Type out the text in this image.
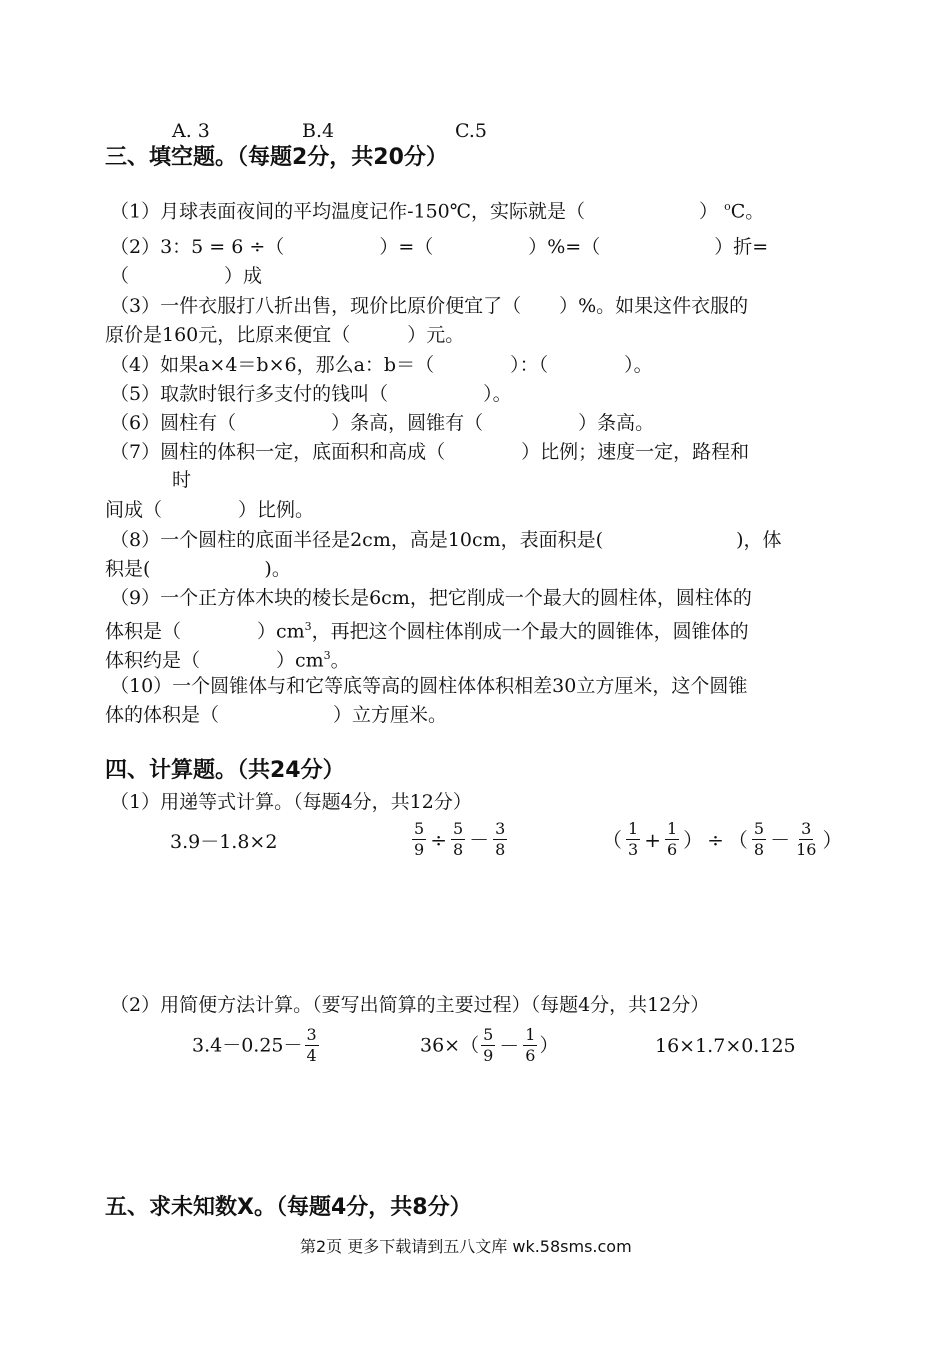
A. 3	B.4	C.5
三、填空题。（每题2分，共20分）
（1）月球表面夜间的平均温度记作-150℃，实际就是（　　　　　　） $^o$C。
（2）3：5 = 6 ÷（　　　　　）=（　　　　　）%=（　　　　　　）折=
（　　　　　）成
（3）一件衣服打八折出售，现价比原价便宜了（　　）%。如果这件衣服的
原价是160元，比原来便宜（　　　）元。
（4）如果a×4＝b×6，那么a：b＝（　　　　）：（　　　　）。
（5）取款时银行多支付的钱叫（　　　　　）。
（6）圆柱有（　　　　　）条高，圆锥有（　　　　　）条高。
（7）圆柱的体积一定，底面积和高成（　　　　）比例；速度一定，路程和
时
间成（　　　　）比例。
（8）一个圆柱的底面半径是2cm，高是10cm，表面积是(　　　　　　　)，体
积是(　　　　　　)。
（9）一个正方体木块的棱长是6cm，把它削成一个最大的圆柱体，圆柱体的
体积是（　　　　）$cm^3$，再把这个圆柱体削成一个最大的圆锥体，圆锥体的
体积约是（　　　　）$cm^3$。
（10）一个圆锥体与和它等底等高的圆柱体体积相差30立方厘米，这个圆锥
体的体积是（　　　　　　）立方厘米。
四、计算题。（共24分）
（1）用递等式计算。（每题4分，共12分）
3.9－1.8×2	$\frac{5}{9} \div \frac{5}{8} - \frac{3}{8}$	（ $\frac{1}{3} + \frac{1}{6}$ ） ÷ （ $\frac{5}{8} - \frac{3}{16}$ ）
（2）用简便方法计算。（要写出简算的主要过程）（每题4分，共12分）
$3.4-0.25- \frac{3}{4}$	$36\times( \frac{5}{9} - \frac{1}{6}$ ）	16×1.7×0.125
五、求未知数X。（每题4分，共8分）
第2页 更多下载请到五八文库 wk.58sms.com
